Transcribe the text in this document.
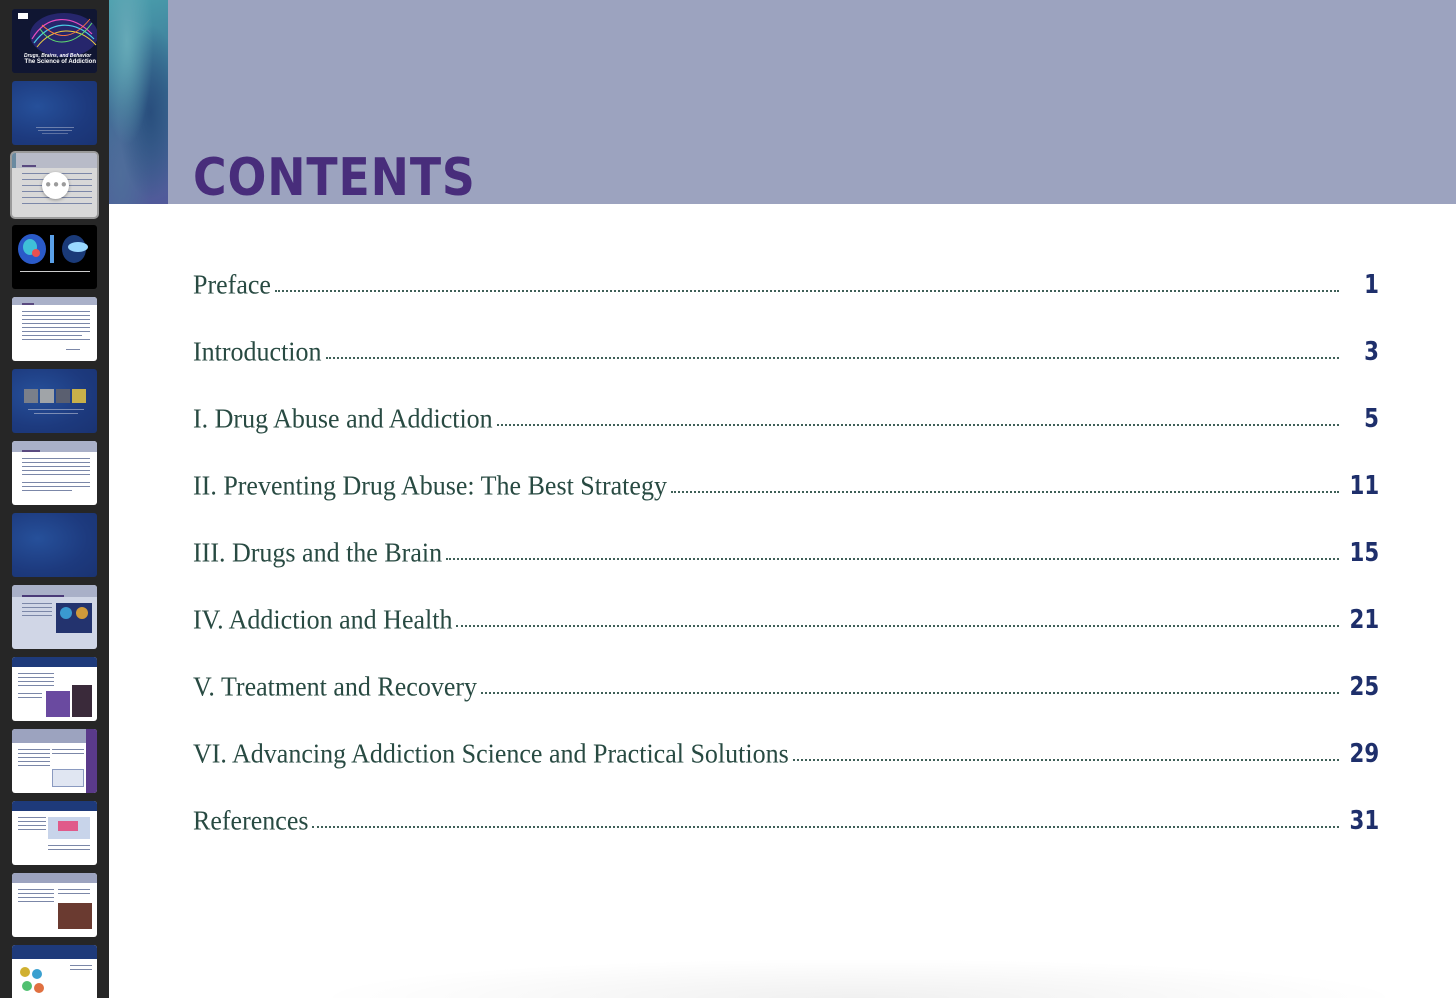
Drugs, Brains, and Behavior
The Science of Addiction
••• CONTENTS
Preface	1
Introduction	3
I. Drug Abuse and Addiction	5
II. Preventing Drug Abuse: The Best Strategy	11
III. Drugs and the Brain	15
IV. Addiction and Health	21
V. Treatment and Recovery	25
VI. Advancing Addiction Science and Practical Solutions	29
References	31
